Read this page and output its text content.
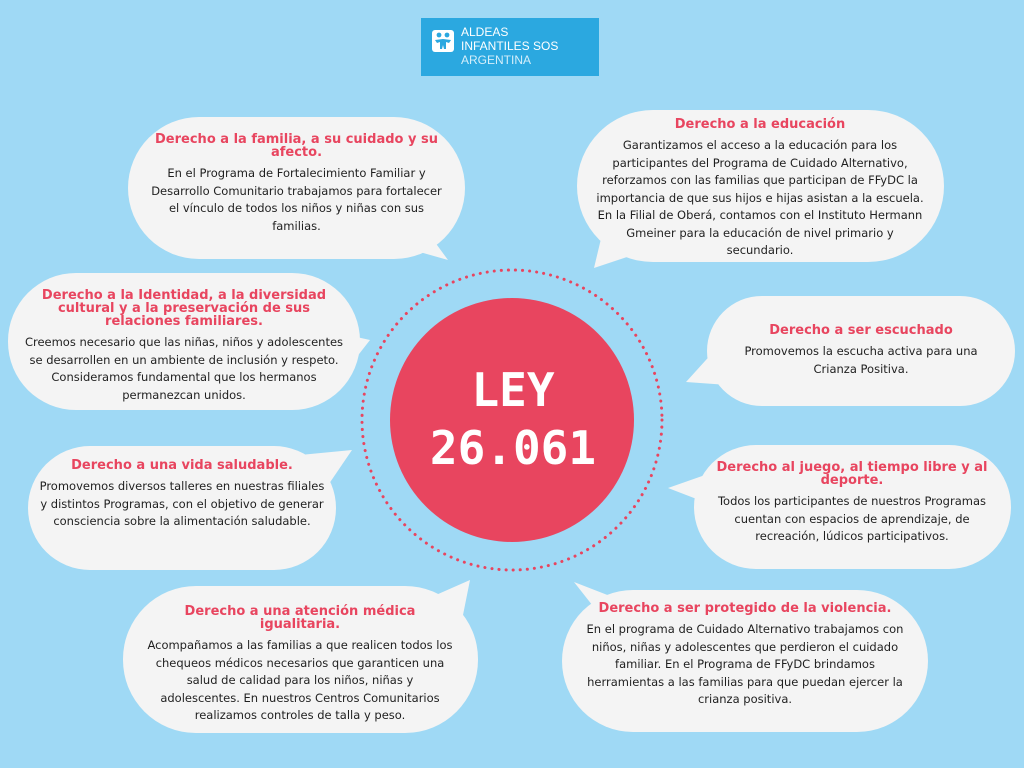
ALDEAS
INFANTILES SOS
ARGENTINA
LEY
26.061
Derecho a la familia, a su cuidado y su afecto.
En el Programa de Fortalecimiento Familiar y Desarrollo Comunitario trabajamos para fortalecer el vínculo de todos los niños y niñas con sus familias.
Derecho a la educación
Garantizamos el acceso a la educación para los participantes del Programa de Cuidado Alternativo, reforzamos con las familias que participan de FFyDC la importancia de que sus hijos e hijas asistan a la escuela. En la Filial de Oberá, contamos con el Instituto Hermann Gmeiner para la educación de nivel primario y secundario.
Derecho a la Identidad, a la diversidad cultural y a la preservación de sus relaciones familiares.
Creemos necesario que las niñas, niños y adolescentes se desarrollen en un ambiente de inclusión y respeto. Consideramos fundamental que los hermanos permanezcan unidos.
Derecho a ser escuchado
Promovemos la escucha activa para una Crianza Positiva.
Derecho a una vida saludable.
Promovemos diversos talleres en nuestras filiales y distintos Programas, con el objetivo de generar consciencia sobre la alimentación saludable.
Derecho al juego, al tiempo libre y al deporte.
Todos los participantes de nuestros Programas cuentan con espacios de aprendizaje, de recreación, lúdicos participativos.
Derecho a una atención médica igualitaria.
Acompañamos a las familias a que realicen todos los chequeos médicos necesarios que garanticen una salud de calidad para los niños, niñas y adolescentes. En nuestros Centros Comunitarios realizamos controles de talla y peso.
Derecho a ser protegido de la violencia.
En el programa de Cuidado Alternativo trabajamos con niños, niñas y adolescentes que perdieron el cuidado familiar. En el Programa de FFyDC brindamos herramientas a las familias para que puedan ejercer la crianza positiva.
